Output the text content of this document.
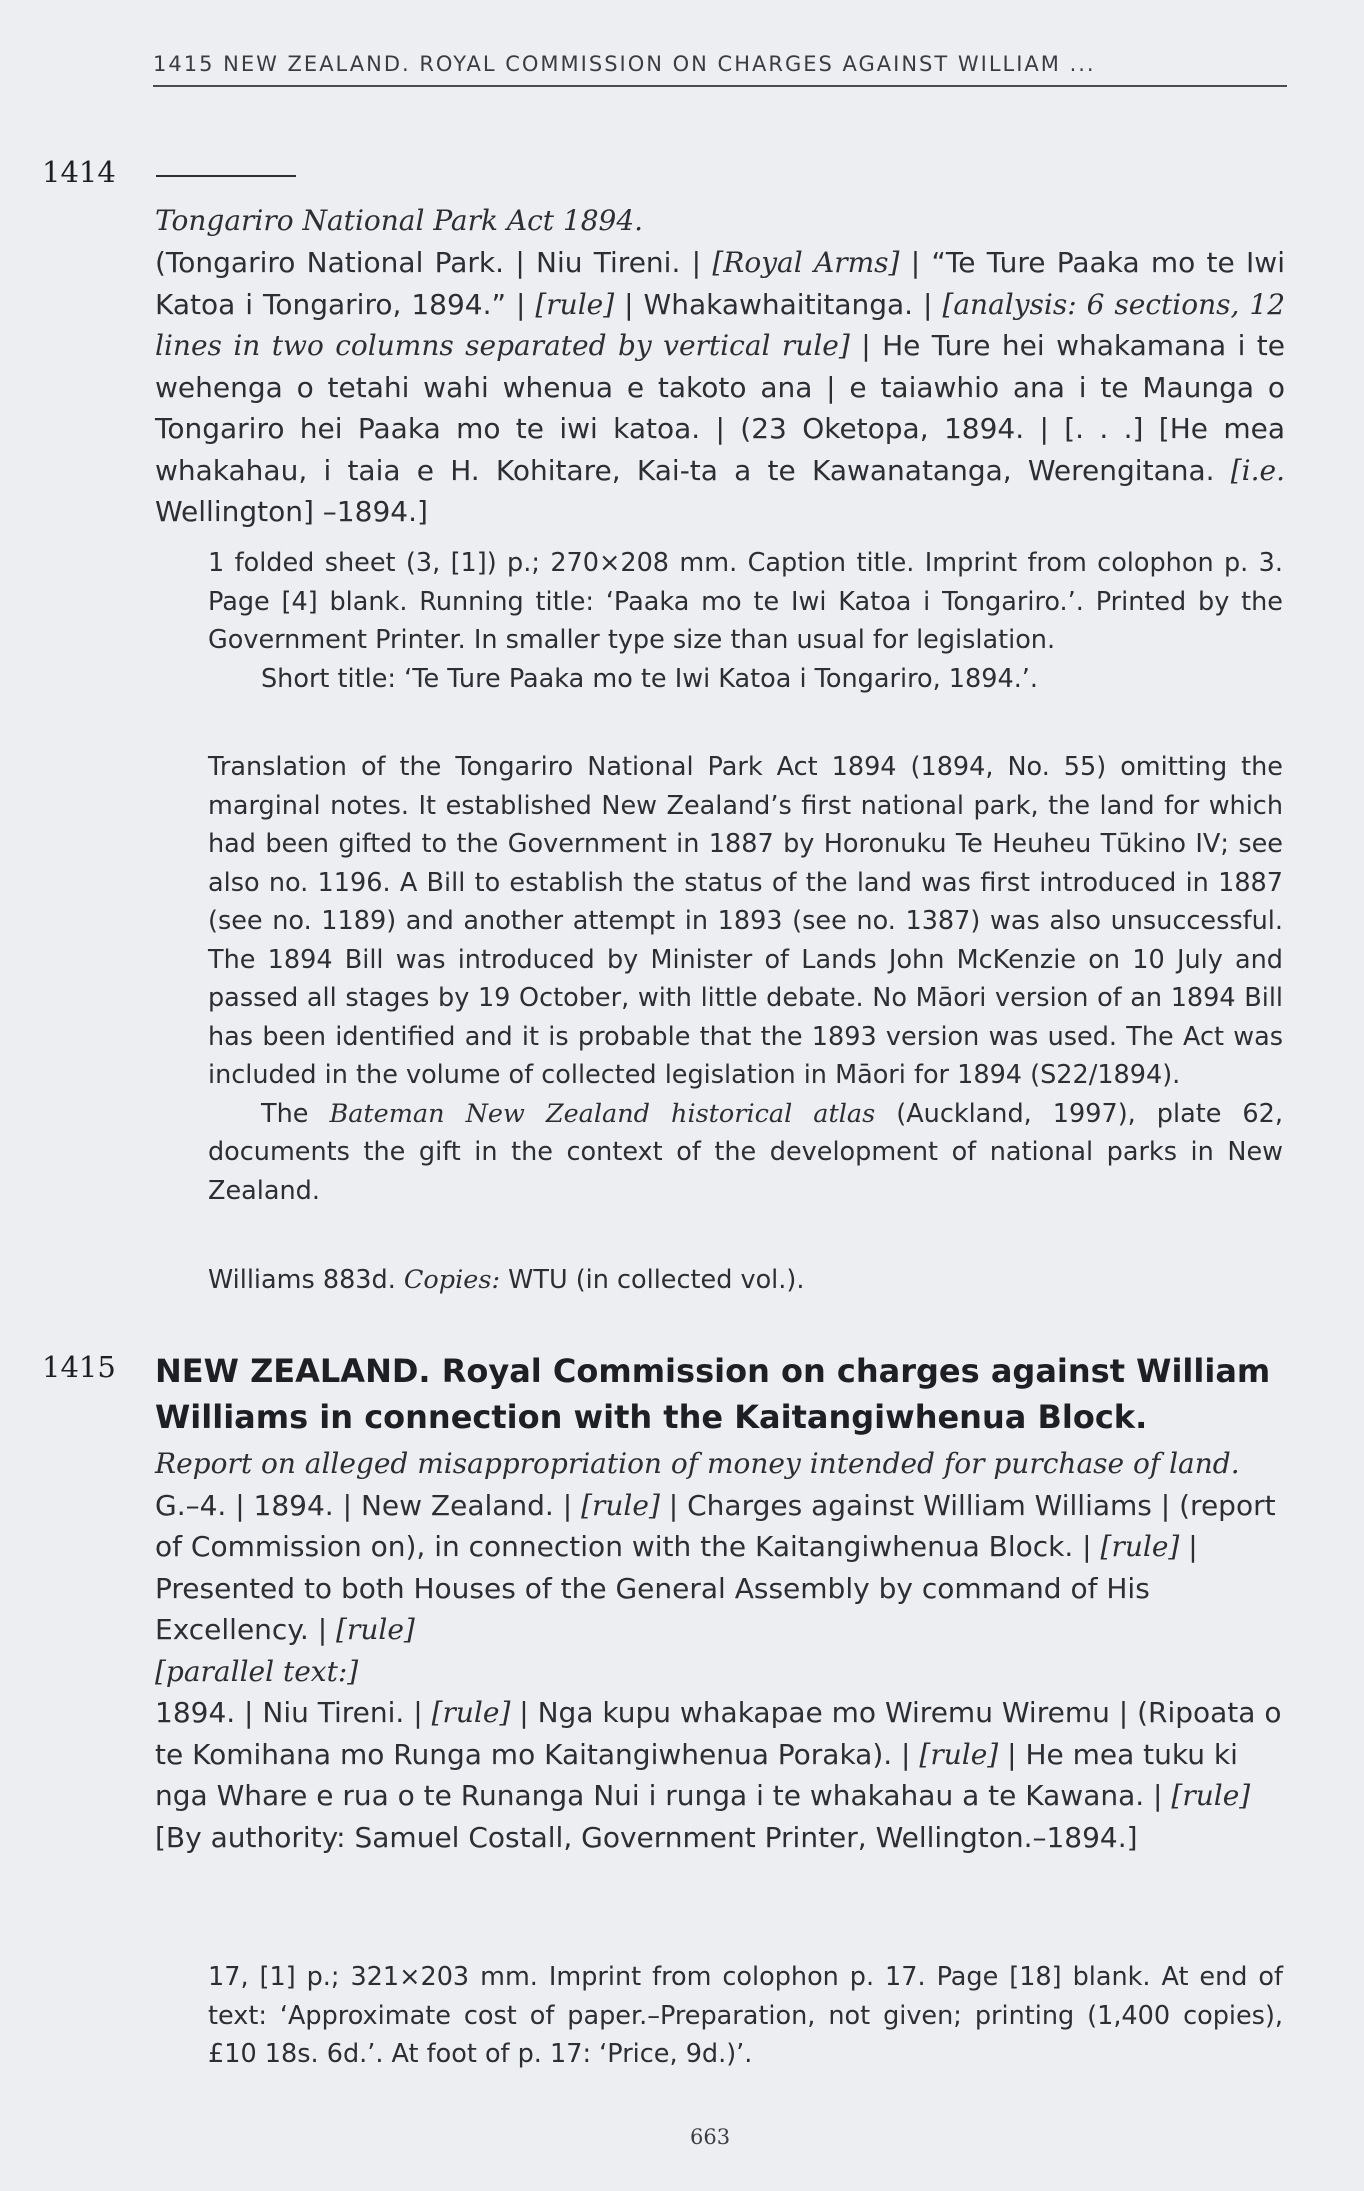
1415 NEW ZEALAND. ROYAL COMMISSION ON CHARGES AGAINST WILLIAM ...
1414
Tongariro National Park Act 1894.
(Tongariro National Park. | Niu Tireni. | [Royal Arms] | “Te Ture Paaka mo te Iwi Katoa i Tongariro, 1894.” | [rule] | Whakawhaititanga. | [analysis: 6 sections, 12 lines in two columns separated by vertical rule] | He Ture hei whakamana i te wehenga o tetahi wahi whenua e takoto ana | e taiawhio ana i te Maunga o Tongariro hei Paaka mo te iwi katoa. | (23 Oketopa, 1894. | [. . .] [He mea whakahau, i taia e H. Kohitare, Kai-ta a te Kawanatanga, Werengitana. [i.e. Wellington] –1894.]

1 folded sheet (3, [1]) p.; 270×208 mm. Caption title. Imprint from colophon p. 3. Page [4] blank. Running title: ‘Paaka mo te Iwi Katoa i Tongariro.’. Printed by the Government Printer. In smaller type size than usual for legislation.

Short title: ‘Te Ture Paaka mo te Iwi Katoa i Tongariro, 1894.’.

Translation of the Tongariro National Park Act 1894 (1894, No. 55) omitting the marginal notes. It established New Zealand’s first national park, the land for which had been gifted to the Government in 1887 by Horonuku Te Heuheu Tūkino IV; see also no. 1196. A Bill to establish the status of the land was first introduced in 1887 (see no. 1189) and another attempt in 1893 (see no. 1387) was also unsuccessful. The 1894 Bill was introduced by Minister of Lands John McKenzie on 10 July and passed all stages by 19 October, with little debate. No Māori version of an 1894 Bill has been identified and it is probable that the 1893 version was used. The Act was included in the volume of collected legislation in Māori for 1894 (S22/1894).

The Bateman New Zealand historical atlas (Auckland, 1997), plate 62, documents the gift in the context of the development of national parks in New Zealand.

Williams 883d. Copies: WTU (in collected vol.).
1415 NEW ZEALAND. Royal Commission on charges against William Williams in connection with the Kaitangiwhenua Block.
Report on alleged misappropriation of money intended for purchase of land.
G.–4. | 1894. | New Zealand. | [rule] | Charges against William Williams | (report of Commission on), in connection with the Kaitangiwhenua Block. | [rule] | Presented to both Houses of the General Assembly by command of His Excellency. | [rule]
[parallel text:]
1894. | Niu Tireni. | [rule] | Nga kupu whakapae mo Wiremu Wiremu | (Ripoata o te Komihana mo Runga mo Kaitangiwhenua Poraka). | [rule] | He mea tuku ki nga Whare e rua o te Runanga Nui i runga i te whakahau a te Kawana. | [rule] [By authority: Samuel Costall, Government Printer, Wellington.–1894.]
17, [1] p.; 321×203 mm. Imprint from colophon p. 17. Page [18] blank. At end of text: ‘Approximate cost of paper.–Preparation, not given; printing (1,400 copies), £10 18s. 6d.’. At foot of p. 17: ‘Price, 9d.)’.
663
